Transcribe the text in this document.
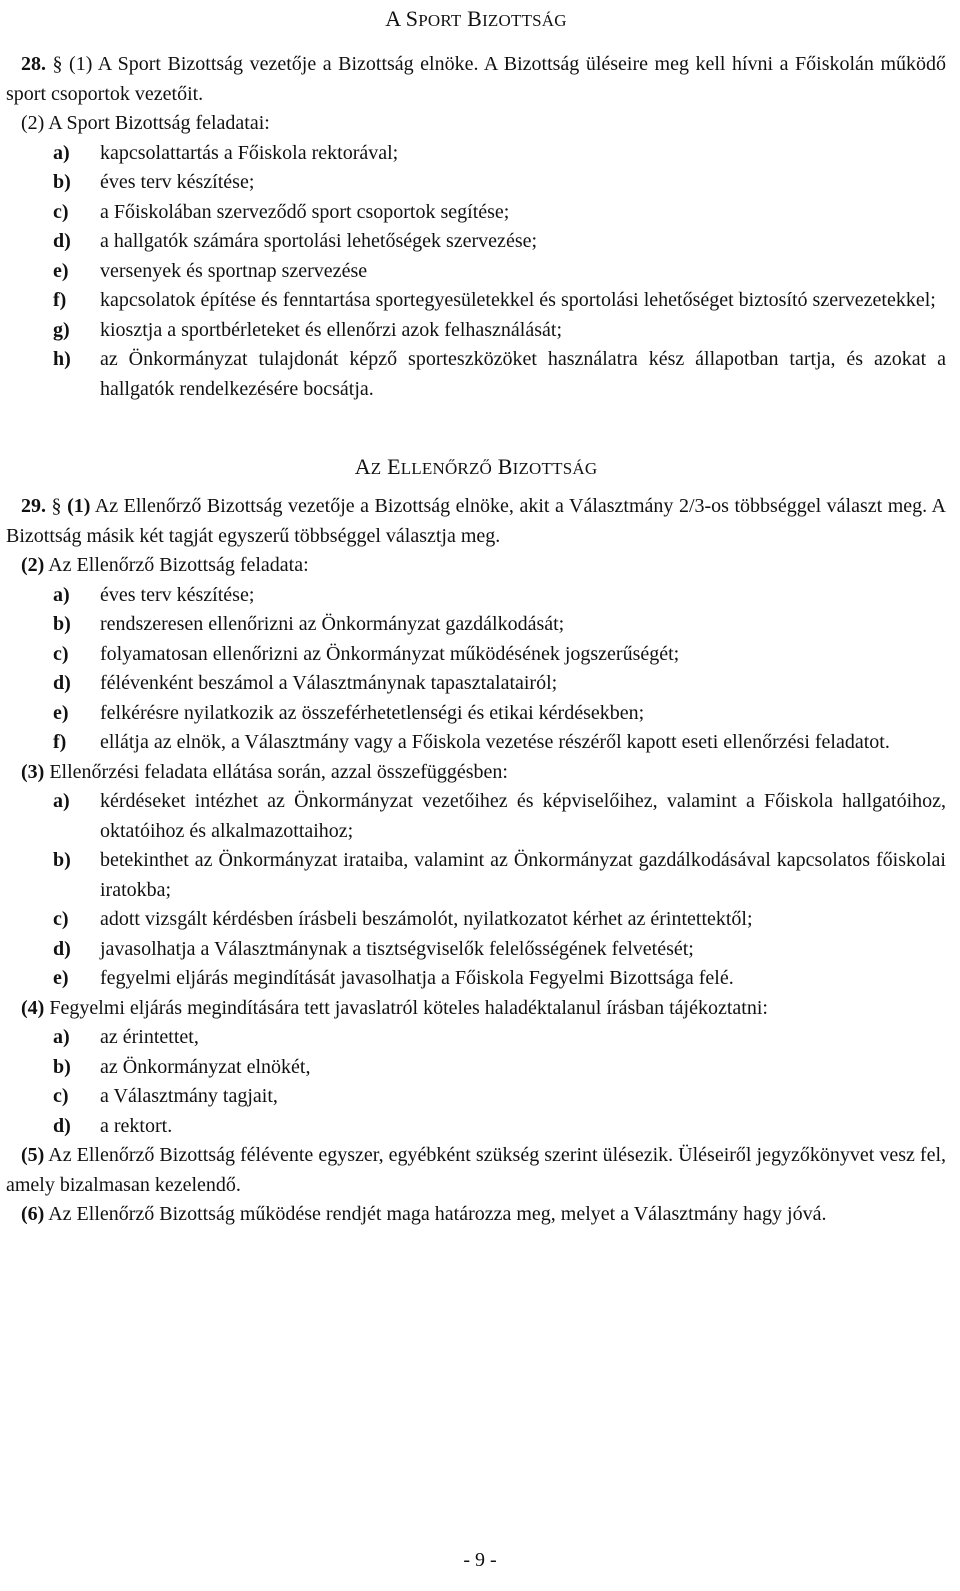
A SPORT BIZOTTSÁG

28. § (1) A Sport Bizottság vezetője a Bizottság elnöke. A Bizottság üléseire meg kell hívni a Főiskolán működő sport csoportok vezetőit.

(2) A Sport Bizottság feladatai:

a)	kapcsolattartás a Főiskola rektorával;
b)	éves terv készítése;
c)	a Főiskolában szerveződő sport csoportok segítése;
d)	a hallgatók számára sportolási lehetőségek szervezése;
e)	versenyek és sportnap szervezése
f)	kapcsolatok építése és fenntartása sportegyesületekkel és sportolási lehetőséget biztosító szervezetekkel;
g)	kiosztja a sportbérleteket és ellenőrzi azok felhasználását;
h)	az Önkormányzat tulajdonát képző sporteszközöket használatra kész állapotban tartja, és azokat a hallgatók rendelkezésére bocsátja.
AZ ELLENŐRZŐ BIZOTTSÁG

29. § (1) Az Ellenőrző Bizottság vezetője a Bizottság elnöke, akit a Választmány 2/3-os többséggel választ meg. A Bizottság másik két tagját egyszerű többséggel választja meg.

(2) Az Ellenőrző Bizottság feladata:

a)	éves terv készítése;
b)	rendszeresen ellenőrizni az Önkormányzat gazdálkodását;
c)	folyamatosan ellenőrizni az Önkormányzat működésének jogszerűségét;
d)	félévenként beszámol a Választmánynak tapasztalatairól;
e)	felkérésre nyilatkozik az összeférhetetlenségi és etikai kérdésekben;
f)	ellátja az elnök, a Választmány vagy a Főiskola vezetése részéről kapott eseti ellenőrzési feladatot.

(3) Ellenőrzési feladata ellátása során, azzal összefüggésben:

a)	kérdéseket intézhet az Önkormányzat vezetőihez és képviselőihez, valamint a Főiskola hallgatóihoz, oktatóihoz és alkalmazottaihoz;
b)	betekinthet az Önkormányzat irataiba, valamint az Önkormányzat gazdálkodásával kapcsolatos főiskolai iratokba;
c)	adott vizsgált kérdésben írásbeli beszámolót, nyilatkozatot kérhet az érintettektől;
d)	javasolhatja a Választmánynak a tisztségviselők felelősségének felvetését;
e)	fegyelmi eljárás megindítását javasolhatja a Főiskola Fegyelmi Bizottsága felé.

(4) Fegyelmi eljárás megindítására tett javaslatról köteles haladéktalanul írásban tájékoztatni:

a)	az érintettet,
b)	az Önkormányzat elnökét,
c)	a Választmány tagjait,
d)	a rektort.

(5) Az Ellenőrző Bizottság félévente egyszer, egyébként szükség szerint ülésezik. Üléseiről jegyzőkönyvet vesz fel, amely bizalmasan kezelendő.

(6) Az Ellenőrző Bizottság működése rendjét maga határozza meg, melyet a Választmány hagy jóvá.

- 9 -
